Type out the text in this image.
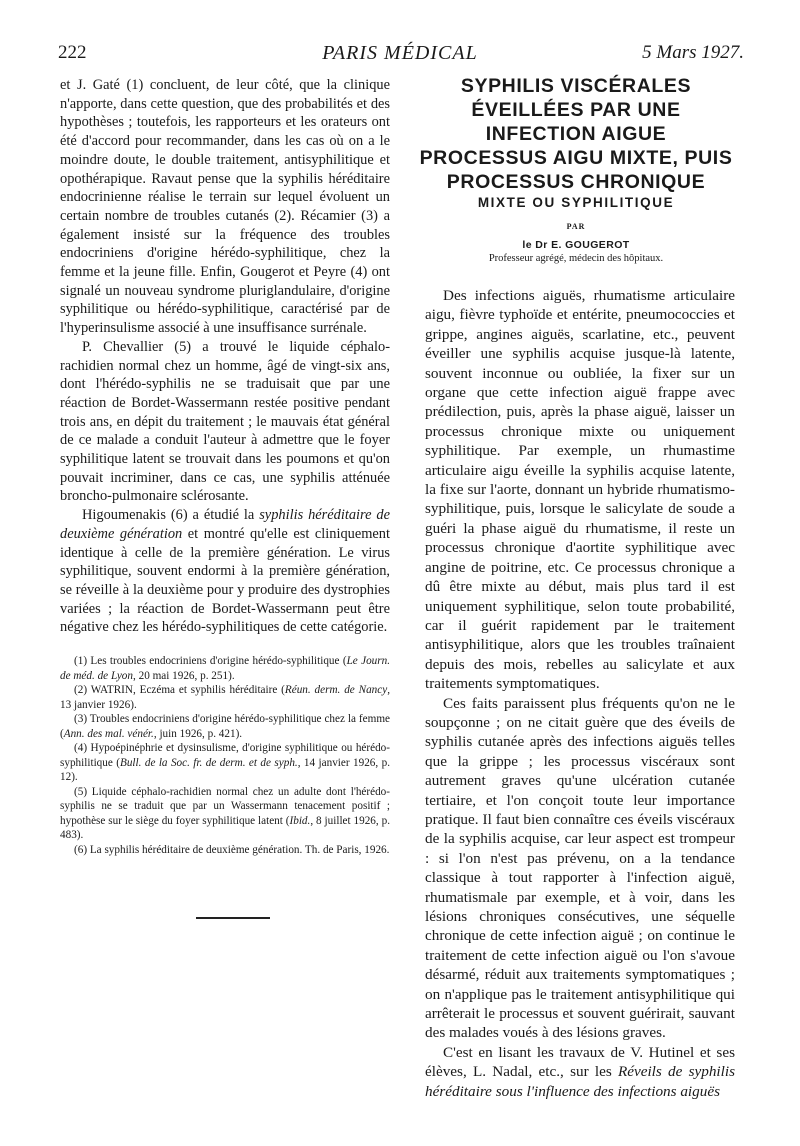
222	PARIS MÉDICAL	5 Mars 1927.

et J. Gaté (1) concluent, de leur côté, que la clinique n'apporte, dans cette question, que des probabilités et des hypothèses ; toutefois, les rapporteurs et les orateurs ont été d'accord pour recommander, dans les cas où on a le moindre doute, le double traitement, antisyphilitique et opothérapique. Ravaut pense que la syphilis héréditaire endocrinienne réalise le terrain sur lequel évoluent un certain nombre de troubles cutanés (2). Récamier (3) a également insisté sur la fréquence des troubles endocriniens d'origine hérédo-syphilitique, chez la femme et la jeune fille. Enfin, Gougerot et Peyre (4) ont signalé un nouveau syndrome pluriglandulaire, d'origine syphilitique ou hérédo-syphilitique, caractérisé par de l'hyperinsulisme associé à une insuffisance surrénale.

P. Chevallier (5) a trouvé le liquide céphalo-rachidien normal chez un homme, âgé de vingt-six ans, dont l'hérédo-syphilis ne se traduisait que par une réaction de Bordet-Wassermann restée positive pendant trois ans, en dépit du traitement ; le mauvais état général de ce malade a conduit l'auteur à admettre que le foyer syphilitique latent se trouvait dans les poumons et qu'on pouvait incriminer, dans ce cas, une syphilis atténuée broncho-pulmonaire sclérosante.

Higoumenakis (6) a étudié la syphilis héréditaire de deuxième génération et montré qu'elle est cliniquement identique à celle de la première génération. Le virus syphilitique, souvent endormi à la première génération, se réveille à la deuxième pour y produire des dystrophies variées ; la réaction de Bordet-Wassermann peut être négative chez les hérédo-syphilitiques de cette catégorie.

(1) Les troubles endocriniens d'origine hérédo-syphilitique (Le Journ. de méd. de Lyon, 20 mai 1926, p. 251).

(2) WATRIN, Eczéma et syphilis héréditaire (Réun. derm. de Nancy, 13 janvier 1926).

(3) Troubles endocriniens d'origine hérédo-syphilitique chez la femme (Ann. des mal. vénér., juin 1926, p. 421).

(4) Hypoépinéphrie et dysinsulisme, d'origine syphilitique ou hérédo-syphilitique (Bull. de la Soc. fr. de derm. et de syph., 14 janvier 1926, p. 12).

(5) Liquide céphalo-rachidien normal chez un adulte dont l'hérédo-syphilis ne se traduit que par un Wassermann tenacement positif ; hypothèse sur le siège du foyer syphilitique latent (Ibid., 8 juillet 1926, p. 483).

(6) La syphilis héréditaire de deuxième génération. Th. de Paris, 1926.

SYPHILIS VISCÉRALES
ÉVEILLÉES PAR UNE
INFECTION AIGUE
PROCESSUS AIGU MIXTE, PUIS
PROCESSUS CHRONIQUE
MIXTE OU SYPHILITIQUE
PAR
le Dr E. GOUGEROT
Professeur agrégé, médecin des hôpitaux.

Des infections aiguës, rhumatisme articulaire aigu, fièvre typhoïde et entérite, pneumococcies et grippe, angines aiguës, scarlatine, etc., peuvent éveiller une syphilis acquise jusque-là latente, souvent inconnue ou oubliée, la fixer sur un organe que cette infection aiguë frappe avec prédilection, puis, après la phase aiguë, laisser un processus chronique mixte ou uniquement syphilitique. Par exemple, un rhumastime articulaire aigu éveille la syphilis acquise latente, la fixe sur l'aorte, donnant un hybride rhumatismo-syphilitique, puis, lorsque le salicylate de soude a guéri la phase aiguë du rhumatisme, il reste un processus chronique d'aortite syphilitique avec angine de poitrine, etc. Ce processus chronique a dû être mixte au début, mais plus tard il est uniquement syphilitique, selon toute probabilité, car il guérit rapidement par le traitement antisyphilitique, alors que les troubles traînaient depuis des mois, rebelles au salicylate et aux traitements symptomatiques.

Ces faits paraissent plus fréquents qu'on ne le soupçonne ; on ne citait guère que des éveils de syphilis cutanée après des infections aiguës telles que la grippe ; les processus viscéraux sont autrement graves qu'une ulcération cutanée tertiaire, et l'on conçoit toute leur importance pratique. Il faut bien connaître ces éveils viscéraux de la syphilis acquise, car leur aspect est trompeur : si l'on n'est pas prévenu, on a la tendance classique à tout rapporter à l'infection aiguë, rhumatismale par exemple, et à voir, dans les lésions chroniques consécutives, une séquelle chronique de cette infection aiguë ; on continue le traitement de cette infection aiguë ou l'on s'avoue désarmé, réduit aux traitements symptomatiques ; on n'applique pas le traitement antisyphilitique qui arrêterait le processus et souvent guérirait, sauvant des malades voués à des lésions graves.

C'est en lisant les travaux de V. Hutinel et ses élèves, L. Nadal, etc., sur les Réveils de syphilis héréditaire sous l'influence des infections aiguës
